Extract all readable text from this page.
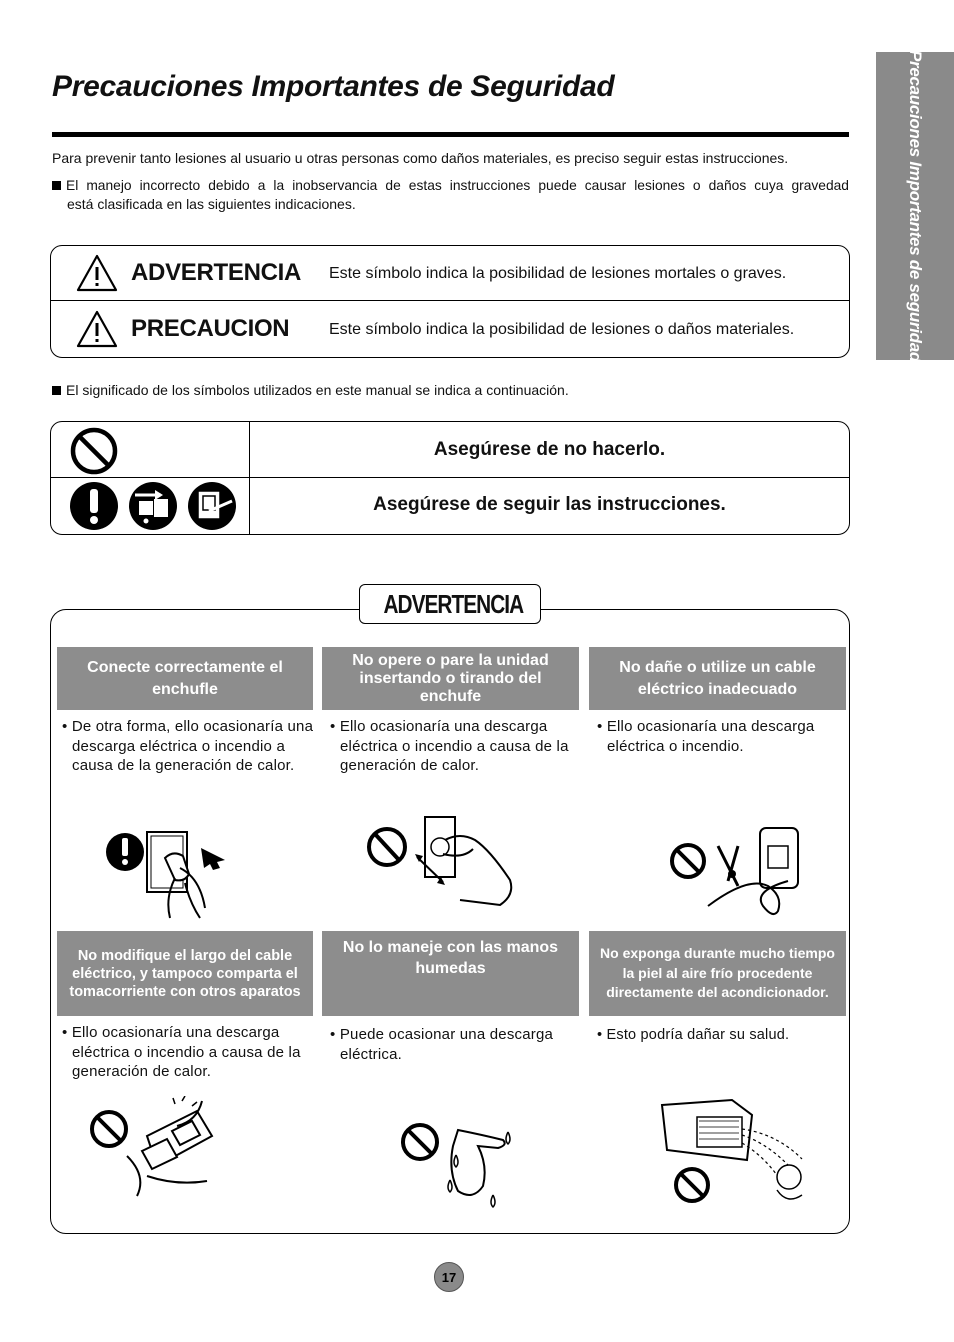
Precauciones Importantes de Seguridad	Precauciones Importantes de seguridad
Para prevenir tanto lesiones al usuario u otras personas como daños materiales, es preciso seguir estas instrucciones.
El manejo incorrecto debido a la inobservancia de estas instrucciones puede causar lesiones o daños cuya gravedad
está clasificada en las siguientes indicaciones.
ADVERTENCIA Este símbolo indica la posibilidad de lesiones mortales o graves.
PRECAUCION Este símbolo indica la posibilidad de lesiones o daños materiales.
El significado de los símbolos utilizados en este manual se indica a continuación.
Asegúrese de no hacerlo.
Asegúrese de seguir las instrucciones.
ADVERTENCIA
Conecte correctamente el enchufle
No opere o pare la unidad insertando o tirando del enchufe
No dañe o utilize un cable eléctrico inadecuado
• De otra forma, ello ocasionaría una descarga eléctrica o incendio a causa de la generación de calor.
• Ello ocasionaría una descarga eléctrica o incendio a causa de la generación de calor.
• Ello ocasionaría una descarga eléctrica o incendio.
No modifique el largo del cable eléctrico, y tampoco comparta el tomacorriente con otros aparatos
No lo maneje con las manos humedas
No exponga durante mucho tiempo la piel al aire frío procedente directamente del acondicionador.
• Ello ocasionaría una descarga eléctrica o incendio a causa de la generación de calor.
• Puede ocasionar una descarga eléctrica.
• Esto podría dañar su salud.
17
